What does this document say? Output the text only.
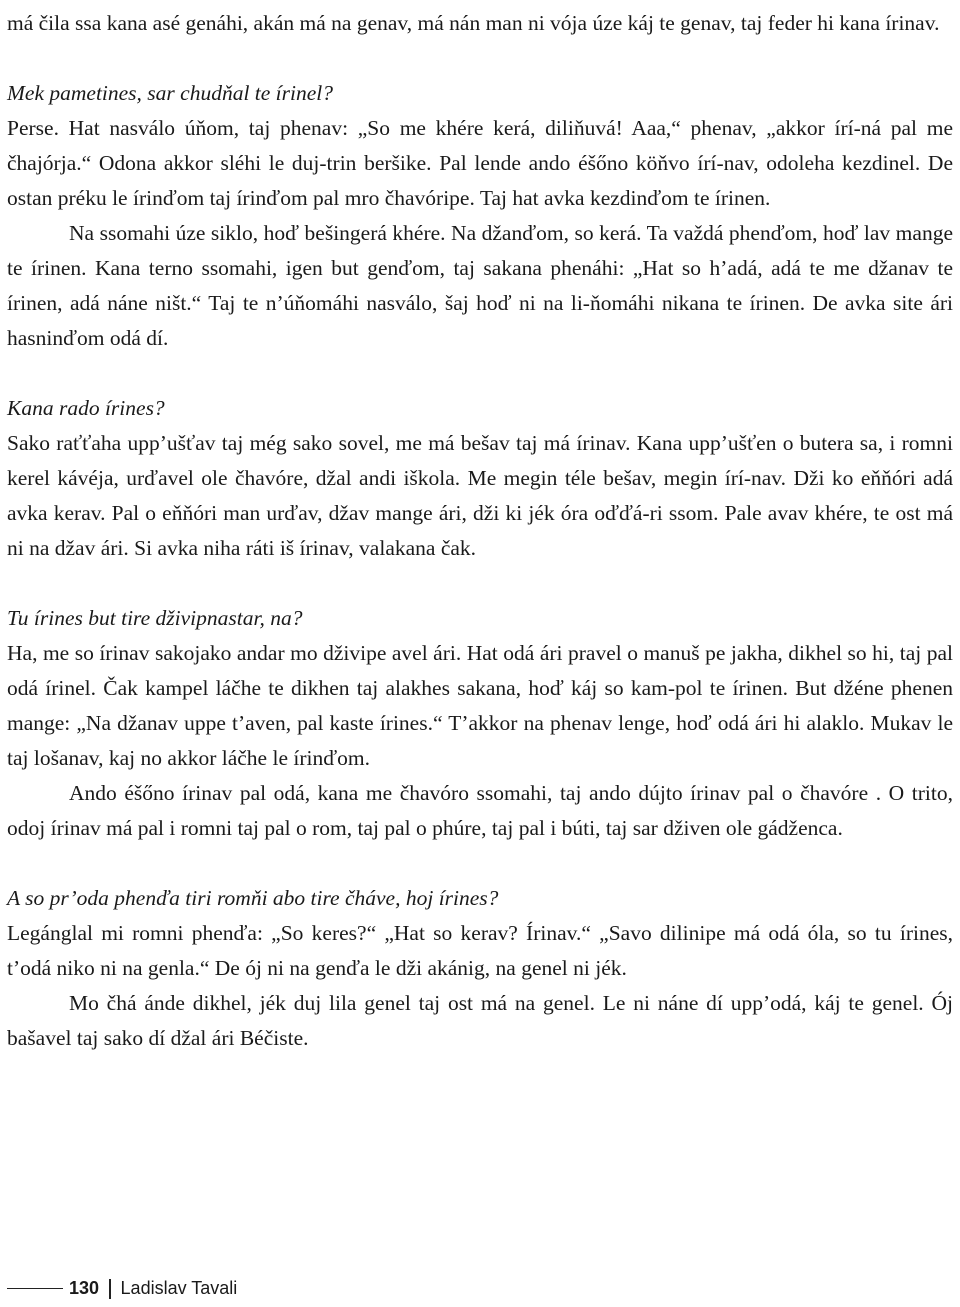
má čila ssa kana asé genáhi, akán má na genav, má nán man ni vója úze káj te genav, taj feder hi kana írinav.

Mek pametines, sar chudňal te írinel?

Perse. Hat nasválo úňom, taj phenav: „So me khére kerá, diliňuvá! Aaa,“ phenav, „akkor írí-ná pal me čhajórja.“ Odona akkor sléhi le duj-trin beršike. Pal lende ando éšőno köňvo írí-nav, odoleha kezdinel. De ostan préku le írinďom taj írinďom pal mro čhavóripe. Taj hat avka kezdinďom te írinen.

Na ssomahi úze siklo, hoď bešingerá khére. Na džanďom, so kerá. Ta važdá phenďom, hoď lav mange te írinen. Kana terno ssomahi, igen but genďom, taj sakana phenáhi: „Hat so h’adá, adá te me džanav te írinen, adá náne ništ.“ Taj te n’úňomáhi nasválo, šaj hoď ni na li-ňomáhi nikana te írinen. De avka site ári hasninďom odá dí.

Kana rado írines?

Sako raťťaha upp’ušťav taj még sako sovel, me má bešav taj má írinav. Kana upp’ušťen o butera sa, i romni kerel kávéja, urďavel ole čhavóre, džal andi iškola. Me megin téle bešav, megin írí-nav. Dži ko eňňóri adá avka kerav. Pal o eňňóri man urďav, džav mange ári, dži ki jék óra oďďá-ri ssom. Pale avav khére, te ost má ni na džav ári. Si avka niha ráti iš írinav, valakana čak.

Tu írines but tire dživipnastar, na?

Ha, me so írinav sakojako andar mo dživipe avel ári. Hat odá ári pravel o manuš pe jakha, dikhel so hi, taj pal odá írinel. Čak kampel láčhe te dikhen taj alakhes sakana, hoď káj so kam-pol te írinen. But džéne phenen mange: „Na džanav uppe t’aven, pal kaste írines.“ T’akkor na phenav lenge, hoď odá ári hi alaklo. Mukav le taj lošanav, kaj no akkor láčhe le írinďom.

Ando éšőno írinav pal odá, kana me čhavóro ssomahi, taj ando dújto írinav pal o čhavóre . O trito, odoj írinav má pal i romni taj pal o rom, taj pal o phúre, taj pal i búti, taj sar dživen ole gádženca.

A so pr’oda phenďa tiri romňi abo tire čháve, hoj írines?

Legánglal mi romni phenďa: „So keres?“ „Hat so kerav? Írinav.“ „Savo dilinipe má odá óla, so tu írines, t’odá niko ni na genla.“ De ój ni na genďa le dži akánig, na genel ni jék.

Mo čhá ánde dikhel, jék duj lila genel taj ost má na genel. Le ni náne dí upp’odá, káj te genel. Ój bašavel taj sako dí džal ári Béčiste.

130 Ladislav Tavali
